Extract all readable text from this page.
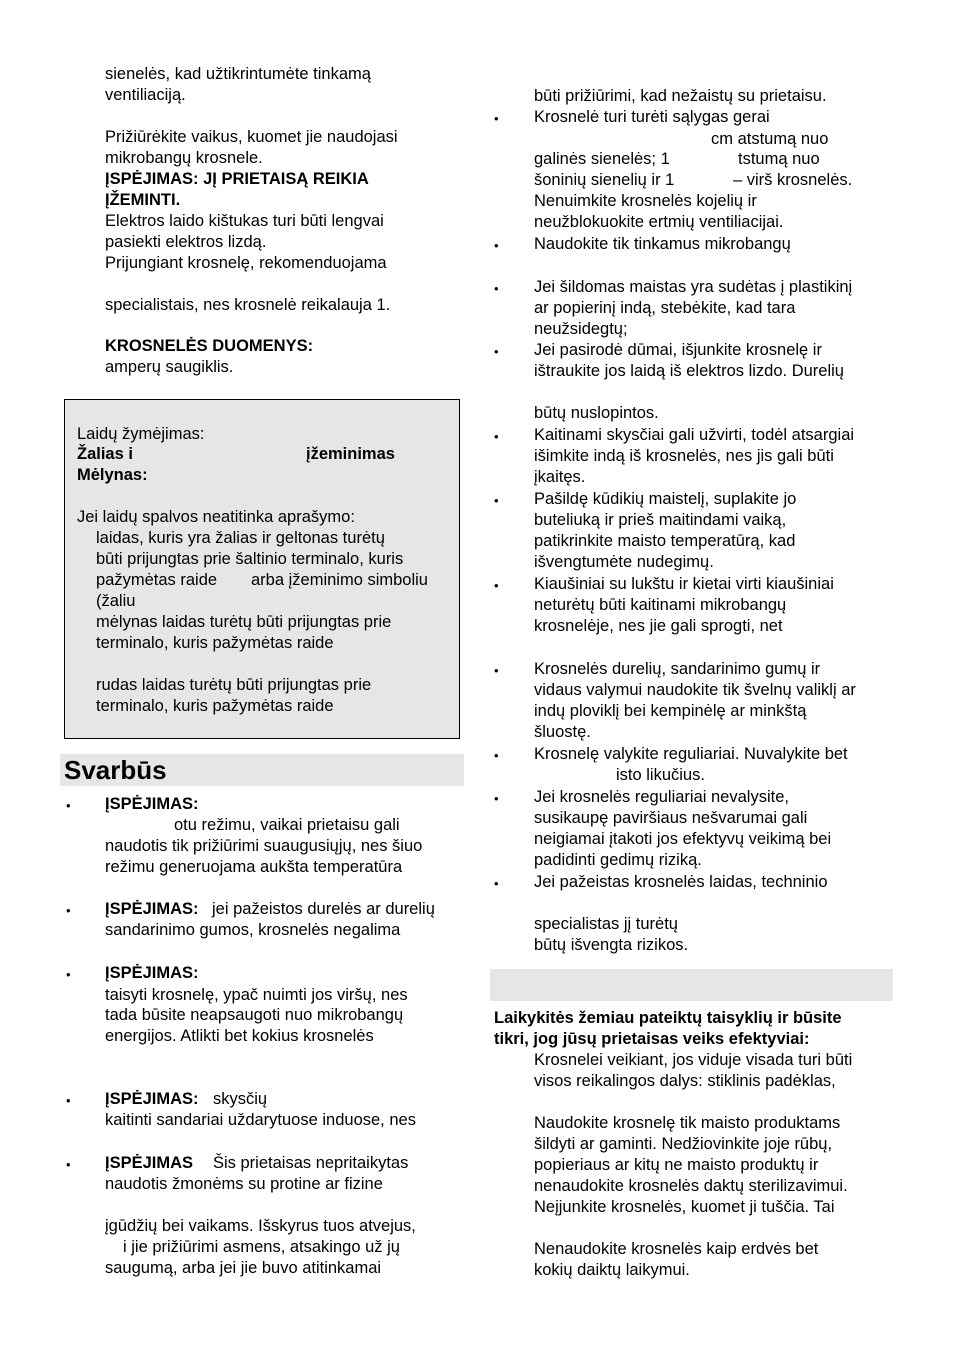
sienelės, kad užtikrintumėte tinkamą
ventiliaciją.
Prižiūrėkite vaikus, kuomet jie naudojasi
mikrobangų krosnele.
ĮSPĖJIMAS: JĮ PRIETAISĄ REIKIA
ĮŽEMINTI.
Elektros laido kištukas turi būti lengvai
pasiekti elektros lizdą.
Prijungiant krosnelę, rekomenduojama
specialistais, nes krosnelė reikalauja 1.
KROSNELĖS DUOMENYS:
amperų saugiklis.
Laidų žymėjimas:
Žalias i	įžeminimas
Mėlynas:
Jei laidų spalvos neatitinka aprašymo:
laidas, kuris yra žalias ir geltonas turėtų
būti prijungtas prie šaltinio terminalo, kuris
pažymėtas raide arba įžeminimo simboliu
(žaliu
mėlynas laidas turėtų būti prijungtas prie
terminalo, kuris pažymėtas raide
rudas laidas turėtų būti prijungtas prie
terminalo, kuris pažymėtas raide
Svarbūs
• ĮSPĖJIMAS:
otu režimu, vaikai prietaisu gali
naudotis tik prižiūrimi suaugusiųjų, nes šiuo
režimu generuojama aukšta temperatūra
• ĮSPĖJIMAS: jei pažeistos durelės ar durelių
sandarinimo gumos, krosnelės negalima
• ĮSPĖJIMAS:
taisyti krosnelę, ypač nuimti jos viršų, nes
tada būsite neapsaugoti nuo mikrobangų
energijos. Atlikti bet kokius krosnelės
• ĮSPĖJIMAS: skysčių
kaitinti sandariai uždarytuose induose, nes
• ĮSPĖJIMAS Šis prietaisas nepritaikytas
naudotis žmonėms su protine ar fizine
įgūdžių bei vaikams. Išskyrus tuos atvejus,
i jie prižiūrimi asmens, atsakingo už jų
saugumą, arba jei jie buvo atitinkamai
būti prižiūrimi, kad nežaistų su prietaisu.
• Krosnelė turi turėti sąlygas gerai
cm atstumą nuo
galinės sienelės; 1	tstumą nuo
šoninių sienelių ir 1	– virš krosnelės.
Nenuimkite krosnelės kojelių ir
neužblokuokite ertmių ventiliacijai.
• Naudokite tik tinkamus mikrobangų
• Jei šildomas maistas yra sudėtas į plastikinį
ar popierinį indą, stebėkite, kad tara
neužsidegtų;
• Jei pasirodė dūmai, išjunkite krosnelę ir
ištraukite jos laidą iš elektros lizdo. Durelių
būtų nuslopintos.
• Kaitinami skysčiai gali užvirti, todėl atsargiai
išimkite indą iš krosnelės, nes jis gali būti
įkaitęs.
• Pašildę kūdikių maistelį, suplakite jo
buteliuką ir prieš maitindami vaiką,
patikrinkite maisto temperatūrą, kad
išvengtumėte nudegimų.
• Kiaušiniai su lukštu ir kietai virti kiaušiniai
neturėtų būti kaitinami mikrobangų
krosnelėje, nes jie gali sprogti, net
• Krosnelės durelių, sandarinimo gumų ir
vidaus valymui naudokite tik švelnų valiklį ar
indų ploviklį bei kempinėlę ar minkštą
šluostę.
• Krosnelę valykite reguliariai. Nuvalykite bet
isto likučius.
• Jei krosnelės reguliariai nevalysite,
susikaupę paviršiaus nešvarumai gali
neigiamai įtakoti jos efektyvų veikimą bei
padidinti gedimų riziką.
• Jei pažeistas krosnelės laidas, techninio
specialistas jį turėtų
būtų išvengta rizikos.
Laikykitės žemiau pateiktų taisyklių ir būsite
tikri, jog jūsų prietaisas veiks efektyviai:
Krosnelei veikiant, jos viduje visada turi būti
visos reikalingos dalys: stiklinis padėklas,
Naudokite krosnelę tik maisto produktams
šildyti ar gaminti. Nedžiovinkite joje rūbų,
popieriaus ar kitų ne maisto produktų ir
nenaudokite krosnelės daktų sterilizavimui.
Neįjunkite krosnelės, kuomet ji tuščia. Tai
Nenaudokite krosnelės kaip erdvės bet
kokių daiktų laikymui.
